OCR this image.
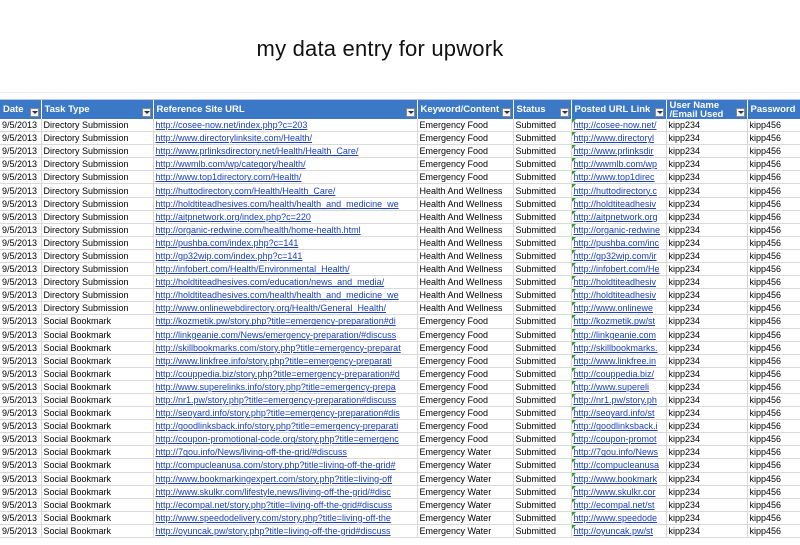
my data entry for upwork
Date	Task Type	Reference Site URL	Keyword/Content	Status	Posted URL Link	User Name /Email Used	Password
9/5/2013	Directory Submission	http://cosee-now.net/index.php?c=203	Emergency Food	Submitted	http://cosee-now.net/	kipp234	kipp456
9/5/2013	Directory Submission	http://www.directorylinksite.com/Health/	Emergency Food	Submitted	http://www.directoryl	kipp234	kipp456
9/5/2013	Directory Submission	http://www.prlinksdirectory.net/Health/Health_Care/	Emergency Food	Submitted	http://www.prlinksdir	kipp234	kipp456
9/5/2013	Directory Submission	http://wwmlb.com/wp/category/health/	Emergency Food	Submitted	http://wwmlb.com/wp	kipp234	kipp456
9/5/2013	Directory Submission	http://www.top1directory.com/Health/	Emergency Food	Submitted	http://www.top1direc	kipp234	kipp456
9/5/2013	Directory Submission	http://huttodirectory.com/Health/Health_Care/	Health And Wellness	Submitted	http://huttodirectory.c	kipp234	kipp456
9/5/2013	Directory Submission	http://holdtiteadhesives.com/health/health_and_medicine_we	Health And Wellness	Submitted	http://holdtiteadhesiv	kipp234	kipp456
9/5/2013	Directory Submission	http://aitpnetwork.org/index.php?c=220	Health And Wellness	Submitted	http://aitpnetwork.org	kipp234	kipp456
9/5/2013	Directory Submission	http://organic-redwine.com/health/home-health.html	Health And Wellness	Submitted	http://organic-redwine	kipp234	kipp456
9/5/2013	Directory Submission	http://pushba.com/index.php?c=141	Health And Wellness	Submitted	http://pushba.com/inc	kipp234	kipp456
9/5/2013	Directory Submission	http://gp32wip.com/index.php?c=141	Health And Wellness	Submitted	http://gp32wip.com/ir	kipp234	kipp456
9/5/2013	Directory Submission	http://infobert.com/Health/Environmental_Health/	Health And Wellness	Submitted	http://infobert.com/He	kipp234	kipp456
9/5/2013	Directory Submission	http://holdtiteadhesives.com/education/news_and_media/	Health And Wellness	Submitted	http://holdtiteadhesiv	kipp234	kipp456
9/5/2013	Directory Submission	http://holdtiteadhesives.com/health/health_and_medicine_we	Health And Wellness	Submitted	http://holdtiteadhesiv	kipp234	kipp456
9/5/2013	Directory Submission	http://www.onlinewebdirectory.org/Health/General_Health/	Health And Wellness	Submitted	http://www.onlinewe	kipp234	kipp456
9/5/2013	Social Bookmark	http://kozmetik.pw/story.php?title=emergency-preparation#di	Emergency Food	Submitted	http://kozmetik.pw/st	kipp234	kipp456
9/5/2013	Social Bookmark	http://linkgeanie.com/News/emergency-preparation/#discuss	Emergency Food	Submitted	http://linkgeanie.com	kipp234	kipp456
9/5/2013	Social Bookmark	http://skillbookmarks.com/story.php?title=emergency-preparat	Emergency Food	Submitted	http://skillbookmarks.	kipp234	kipp456
9/5/2013	Social Bookmark	http://www.linkfree.info/story.php?title=emergency-preparati	Emergency Food	Submitted	http://www.linkfree.in	kipp234	kipp456
9/5/2013	Social Bookmark	http://couppedia.biz/story.php?title=emergency-preparation#d	Emergency Food	Submitted	http://couppedia.biz/	kipp234	kipp456
9/5/2013	Social Bookmark	http://www.superelinks.info/story.php?title=emergency-prepa	Emergency Food	Submitted	http://www.supereli	kipp234	kipp456
9/5/2013	Social Bookmark	http://nr1.pw/story.php?title=emergency-preparation#discuss	Emergency Food	Submitted	http://nr1.pw/story.ph	kipp234	kipp456
9/5/2013	Social Bookmark	http://seoyard.info/story.php?title=emergency-preparation#dis	Emergency Food	Submitted	http://seoyard.info/st	kipp234	kipp456
9/5/2013	Social Bookmark	http://goodlinksback.info/story.php?title=emergency-preparati	Emergency Food	Submitted	http://goodlinksback.i	kipp234	kipp456
9/5/2013	Social Bookmark	http://coupon-promotional-code.org/story.php?title=emergenc	Emergency Food	Submitted	http://coupon-promot	kipp234	kipp456
9/5/2013	Social Bookmark	http://7gou.info/News/living-off-the-grid/#discuss	Emergency Water	Submitted	http://7gou.info/News	kipp234	kipp456
9/5/2013	Social Bookmark	http://compucleanusa.com/story.php?title=living-off-the-grid#	Emergency Water	Submitted	http://compucleanusa	kipp234	kipp456
9/5/2013	Social Bookmark	http://www.bookmarkingexpert.com/story.php?title=living-off	Emergency Water	Submitted	http://www.bookmark	kipp234	kipp456
9/5/2013	Social Bookmark	http://www.skulkr.com/lifestyle,news/living-off-the-grid/#disc	Emergency Water	Submitted	http://www.skulkr.cor	kipp234	kipp456
9/5/2013	Social Bookmark	http://ecompal.net/story.php?title=living-off-the-grid#discuss	Emergency Water	Submitted	http://ecompal.net/st	kipp234	kipp456
9/5/2013	Social Bookmark	http://www.speedodelivery.com/story.php?title=living-off-the	Emergency Water	Submitted	http://www.speedode	kipp234	kipp456
9/5/2013	Social Bookmark	http://oyuncak.pw/story.php?title=living-off-the-grid#discuss	Emergency Water	Submitted	http://oyuncak.pw/st	kipp234	kipp456
